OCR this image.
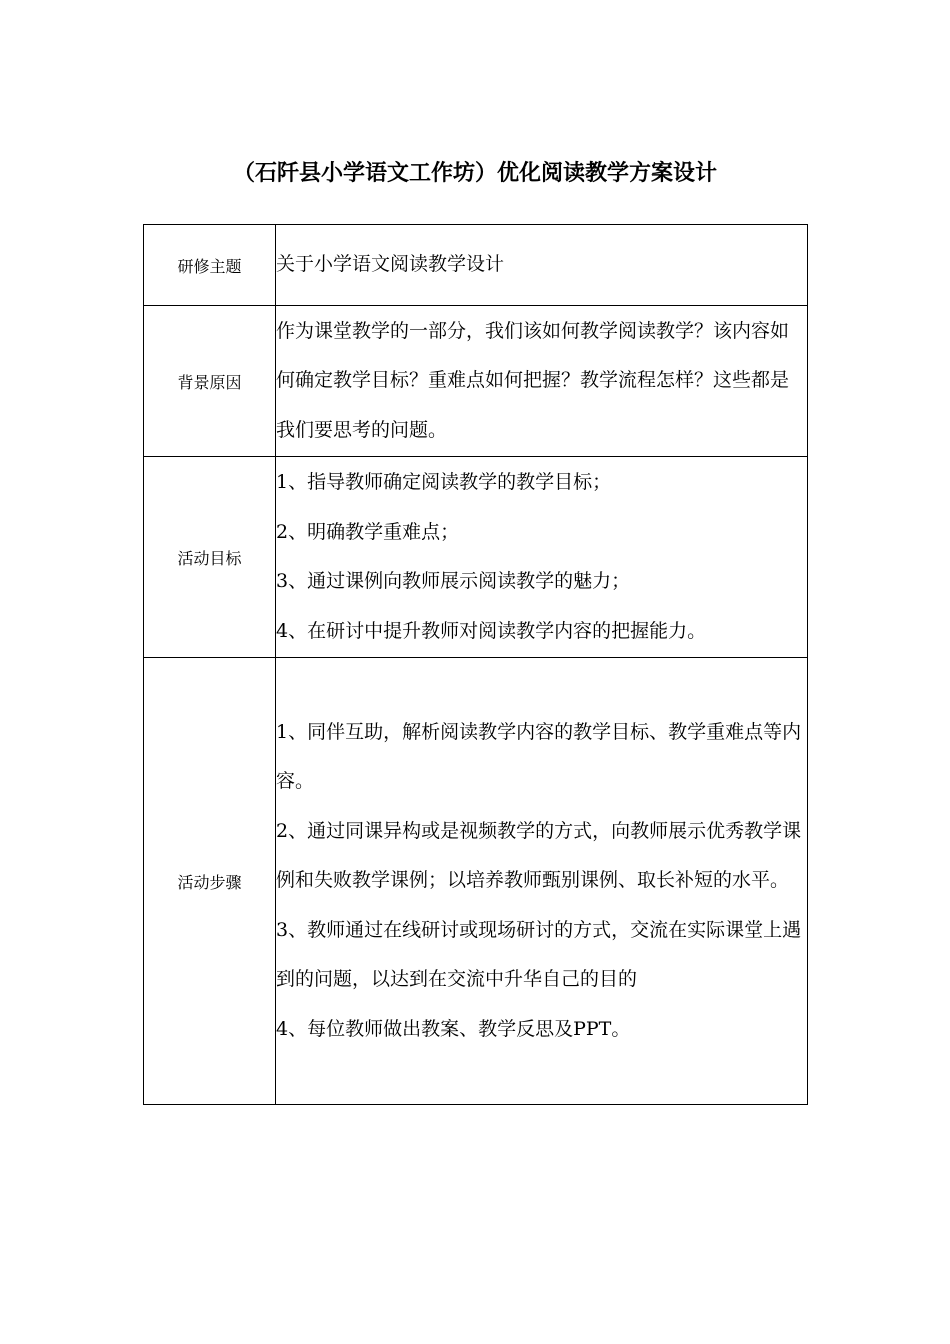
（石阡县小学语文工作坊）优化阅读教学方案设计
研修主题	关于小学语文阅读教学设计

背景原因	作为课堂教学的一部分，我们该如何教学阅读教学？该内容如何确定教学目标？重难点如何把握？教学流程怎样？这些都是我们要思考的问题。

活动目标	1、指导教师确定阅读教学的教学目标；
2、明确教学重难点；
3、通过课例向教师展示阅读教学的魅力；
4、在研讨中提升教师对阅读教学内容的把握能力。

活动步骤	1、同伴互助，解析阅读教学内容的教学目标、教学重难点等内容。
2、通过同课异构或是视频教学的方式，向教师展示优秀教学课例和失败教学课例；以培养教师甄别课例、取长补短的水平。
3、教师通过在线研讨或现场研讨的方式，交流在实际课堂上遇到的问题，以达到在交流中升华自己的目的
4、每位教师做出教案、教学反思及PPT。
